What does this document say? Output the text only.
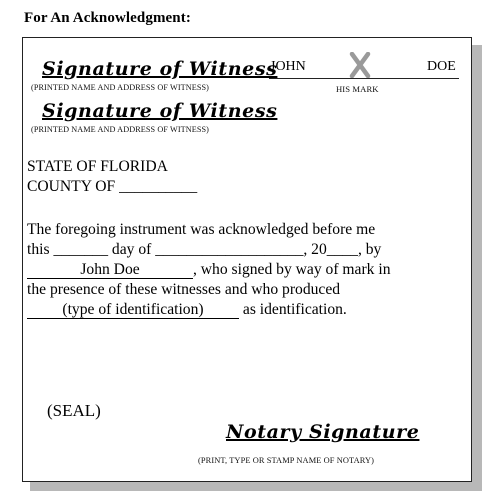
For An Acknowledgment:
Signature of Witness
(PRINTED NAME AND ADDRESS OF WITNESS)
JOHN	DOE
HIS MARK
Signature of Witness
(PRINTED NAME AND ADDRESS OF WITNESS)
STATE OF FLORIDA
COUNTY OF __________
The foregoing instrument was acknowledged before me
this _______ day of ___________________, 20____, by
John Doe	, who signed by way of mark in
the presence of these witnesses and who produced
(type of identification)	as identification.
(SEAL)
Notary Signature
(PRINT, TYPE OR STAMP NAME OF NOTARY)
